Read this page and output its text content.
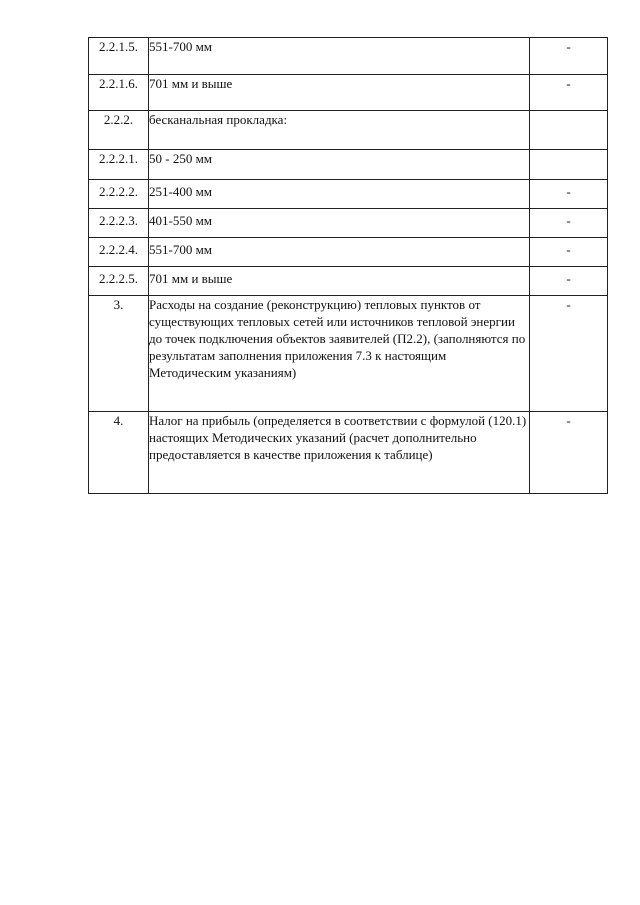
2.2.1.5.	551-700 мм	-
2.2.1.6.	701 мм и выше	-
2.2.2.	бесканальная прокладка:	
2.2.2.1.	50 - 250 мм	
2.2.2.2.	251-400 мм	-
2.2.2.3.	401-550 мм	-
2.2.2.4.	551-700 мм	-
2.2.2.5.	701 мм и выше	-
3.	Расходы на создание (реконструкцию) тепловых пунктов от существующих тепловых сетей или источников тепловой энергии до точек подключения объектов заявителей (П2.2), (заполняются по результатам заполнения приложения 7.3 к настоящим Методическим указаниям)	-
4.	Налог на прибыль (определяется в соответствии с формулой (120.1) настоящих Методических указаний (расчет дополнительно предоставляется в качестве приложения к таблице)	-
